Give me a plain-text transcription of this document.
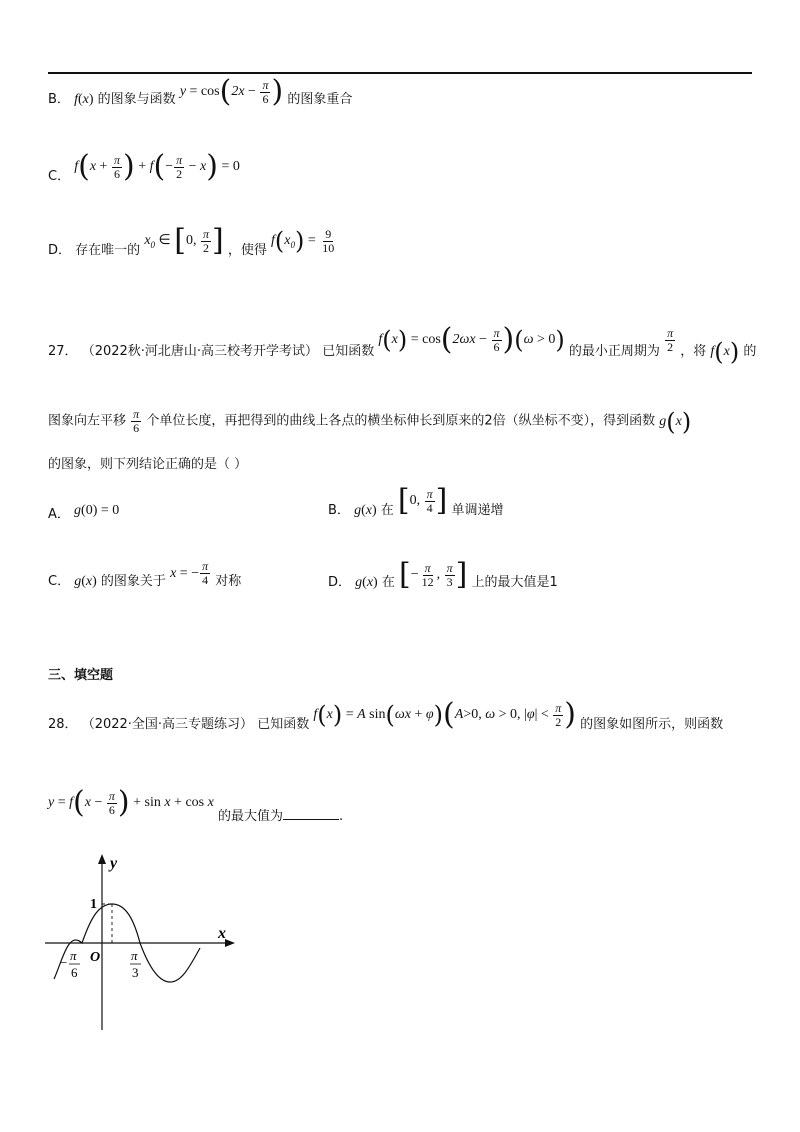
B． f(x) 的图象与函数 $y = \cos(2x - \frac{\pi}{6}$ ) 的图象重合
C． $f(x + \frac{\pi}{6}$ ) + $f(- \frac{\pi}{2} - x) = 0$
D． 存在唯一的 $x_0$ ∈ [0, $\frac{\pi}{2}$ ] ，使得 $f(x_0) = \frac{9}{10}$
27． （2022秋·河北唐山·高三校考开学考试） 已知函数 $f(x) = \cos(2\omega x - \frac{\pi}{6} )(\omega > 0)$ 的最小正周期为 $\frac{\pi}{2}$ ，将 f(x) 的
图象向左平移 $\frac{\pi}{6}$ 个单位长度，再把得到的曲线上各点的横坐标伸长到原来的2倍（纵坐标不变），得到函数 g(x)
的图象，则下列结论正确的是（ ）
A． g(0) = 0	B． g(x) 在 [0, $\frac{\pi}{4}$ ] 单调递增
C． g(x) 的图象关于 x = − $\frac{\pi}{4}$ 对称	D． g(x) 在 [− $\frac{\pi}{12}$ , $\frac{\pi}{3}$ ] 上的最大值是1
三、填空题
28． （2022·全国·高三专题练习） 已知函数 f(x) = A sin(ωx + φ)(A>0, ω > 0, $|\varphi| < \frac{\pi}{2}$ ) 的图象如图所示，则函数
$y = f(x - \frac{\pi}{6}$ ) + sin x + cos x 的最大值为	.
y
x
O
1
− π
6
π
3
